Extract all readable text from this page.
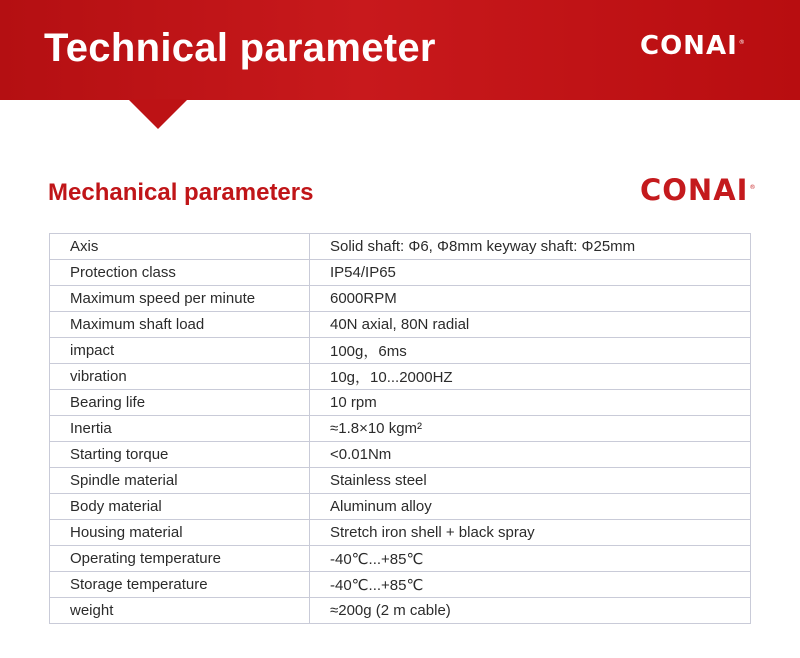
Technical parameter	CONAI®
Mechanical parameters	CONAI®
Axis	Solid shaft: Φ6, Φ8mm keyway shaft: Φ25mm
Protection class	IP54/IP65
Maximum speed per minute	6000RPM
Maximum shaft load	40N axial, 80N radial
impact	100g，6ms
vibration	10g，10...2000HZ
Bearing life	10 rpm
Inertia	≈1.8×10 kgm²
Starting torque	<0.01Nm
Spindle material	Stainless steel
Body material	Aluminum alloy
Housing material	Stretch iron shell + black spray
Operating temperature	-40℃...+85℃
Storage temperature	-40℃...+85℃
weight	≈200g (2 m cable)
